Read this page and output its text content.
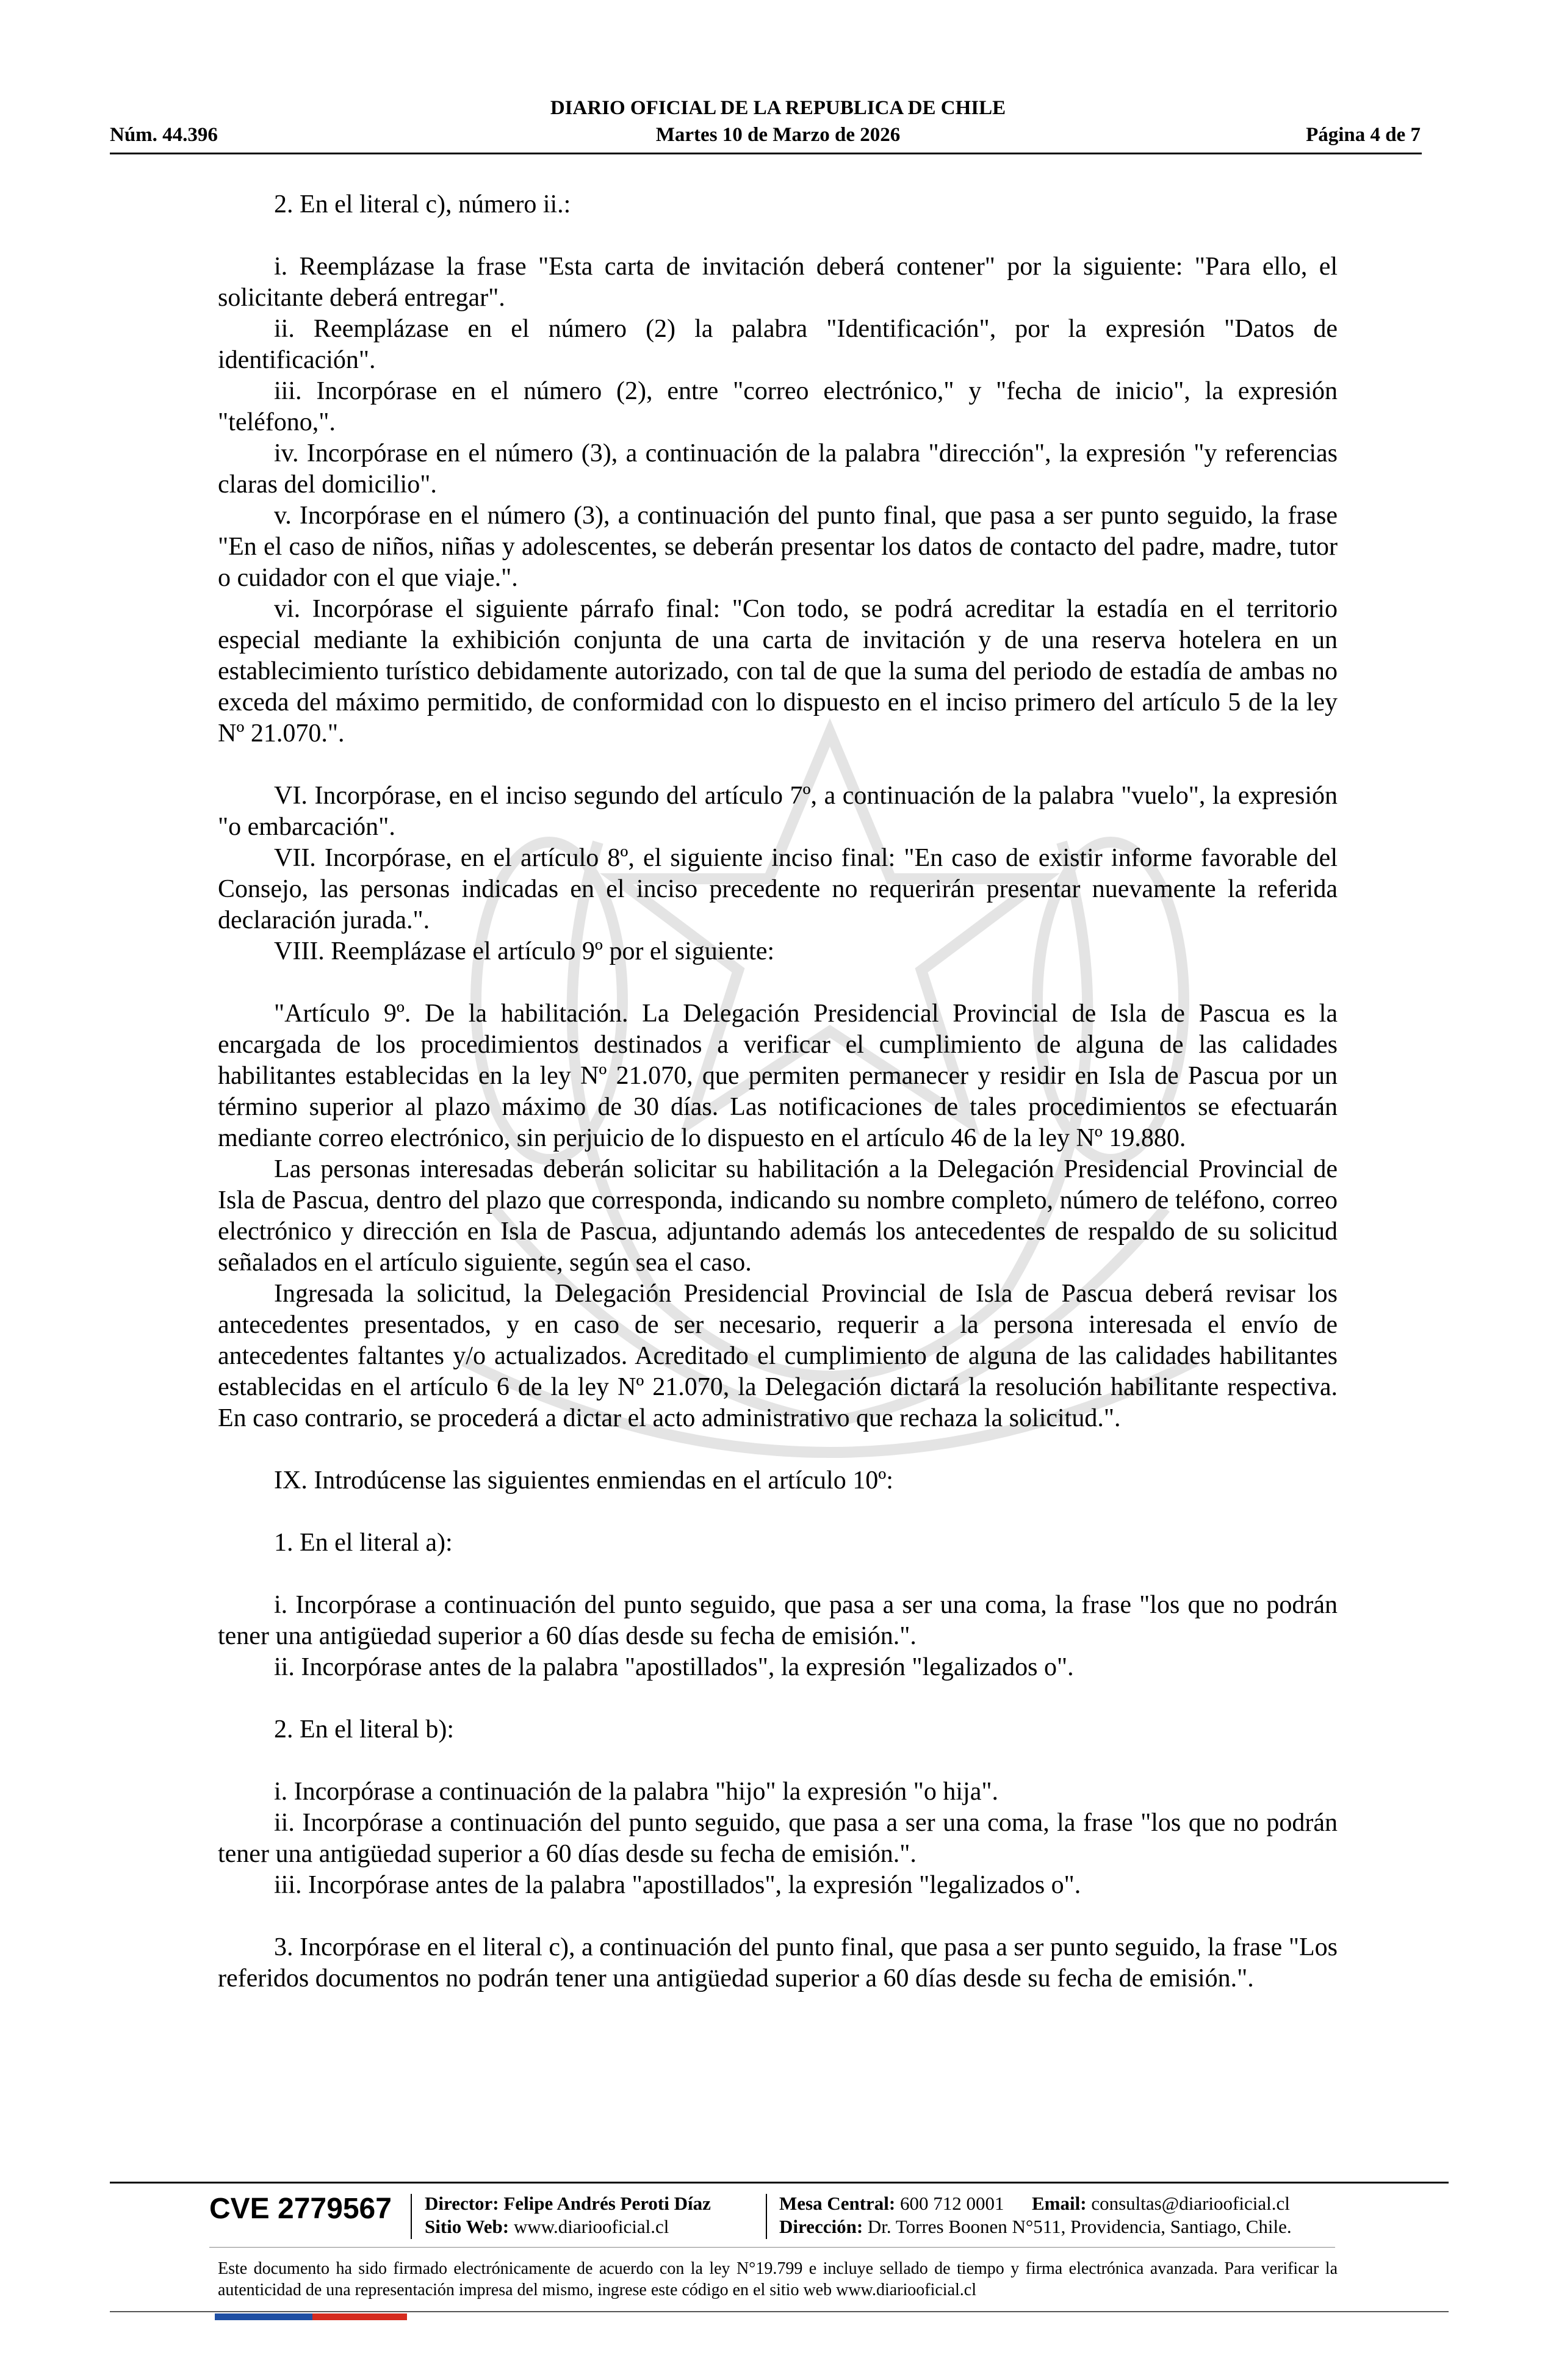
DIARIO OFICIAL DE LA REPUBLICA DE CHILE
Núm. 44.396	Martes 10 de Marzo de 2026	Página 4 de 7

2. En el literal c), número ii.:

i. Reemplázase la frase "Esta carta de invitación deberá contener" por la siguiente: "Para ello, el solicitante deberá entregar".

ii. Reemplázase en el número (2) la palabra "Identificación", por la expresión "Datos de identificación".

iii. Incorpórase en el número (2), entre "correo electrónico," y "fecha de inicio", la expresión "teléfono,".

iv. Incorpórase en el número (3), a continuación de la palabra "dirección", la expresión "y referencias claras del domicilio".

v. Incorpórase en el número (3), a continuación del punto final, que pasa a ser punto seguido, la frase "En el caso de niños, niñas y adolescentes, se deberán presentar los datos de contacto del padre, madre, tutor o cuidador con el que viaje.".

vi. Incorpórase el siguiente párrafo final: "Con todo, se podrá acreditar la estadía en el territorio especial mediante la exhibición conjunta de una carta de invitación y de una reserva hotelera en un establecimiento turístico debidamente autorizado, con tal de que la suma del periodo de estadía de ambas no exceda del máximo permitido, de conformidad con lo dispuesto en el inciso primero del artículo 5 de la ley Nº 21.070.".

VI. Incorpórase, en el inciso segundo del artículo 7º, a continuación de la palabra "vuelo", la expresión "o embarcación".

VII. Incorpórase, en el artículo 8º, el siguiente inciso final: "En caso de existir informe favorable del Consejo, las personas indicadas en el inciso precedente no requerirán presentar nuevamente la referida declaración jurada.".

VIII. Reemplázase el artículo 9º por el siguiente:

"Artículo 9º. De la habilitación. La Delegación Presidencial Provincial de Isla de Pascua es la encargada de los procedimientos destinados a verificar el cumplimiento de alguna de las calidades habilitantes establecidas en la ley Nº 21.070, que permiten permanecer y residir en Isla de Pascua por un término superior al plazo máximo de 30 días. Las notificaciones de tales procedimientos se efectuarán mediante correo electrónico, sin perjuicio de lo dispuesto en el artículo 46 de la ley Nº 19.880.

Las personas interesadas deberán solicitar su habilitación a la Delegación Presidencial Provincial de Isla de Pascua, dentro del plazo que corresponda, indicando su nombre completo, número de teléfono, correo electrónico y dirección en Isla de Pascua, adjuntando además los antecedentes de respaldo de su solicitud señalados en el artículo siguiente, según sea el caso.

Ingresada la solicitud, la Delegación Presidencial Provincial de Isla de Pascua deberá revisar los antecedentes presentados, y en caso de ser necesario, requerir a la persona interesada el envío de antecedentes faltantes y/o actualizados. Acreditado el cumplimiento de alguna de las calidades habilitantes establecidas en el artículo 6 de la ley Nº 21.070, la Delegación dictará la resolución habilitante respectiva. En caso contrario, se procederá a dictar el acto administrativo que rechaza la solicitud.".

IX. Introdúcense las siguientes enmiendas en el artículo 10º:

1. En el literal a):

i. Incorpórase a continuación del punto seguido, que pasa a ser una coma, la frase "los que no podrán tener una antigüedad superior a 60 días desde su fecha de emisión.".

ii. Incorpórase antes de la palabra "apostillados", la expresión "legalizados o".

2. En el literal b):

i. Incorpórase a continuación de la palabra "hijo" la expresión "o hija".

ii. Incorpórase a continuación del punto seguido, que pasa a ser una coma, la frase "los que no podrán tener una antigüedad superior a 60 días desde su fecha de emisión.".

iii. Incorpórase antes de la palabra "apostillados", la expresión "legalizados o".

3. Incorpórase en el literal c), a continuación del punto final, que pasa a ser punto seguido, la frase "Los referidos documentos no podrán tener una antigüedad superior a 60 días desde su fecha de emisión.".

CVE 2779567 Director: Felipe Andrés Peroti Díaz
Sitio Web: www.diariooficial.cl
Mesa Central: 600 712 0001 Email: consultas@diariooficial.cl
Dirección: Dr. Torres Boonen N°511, Providencia, Santiago, Chile.
Este documento ha sido firmado electrónicamente de acuerdo con la ley N°19.799 e incluye sellado de tiempo y firma electrónica avanzada. Para verificar la autenticidad de una representación impresa del mismo, ingrese este código en el sitio web www.diariooficial.cl
